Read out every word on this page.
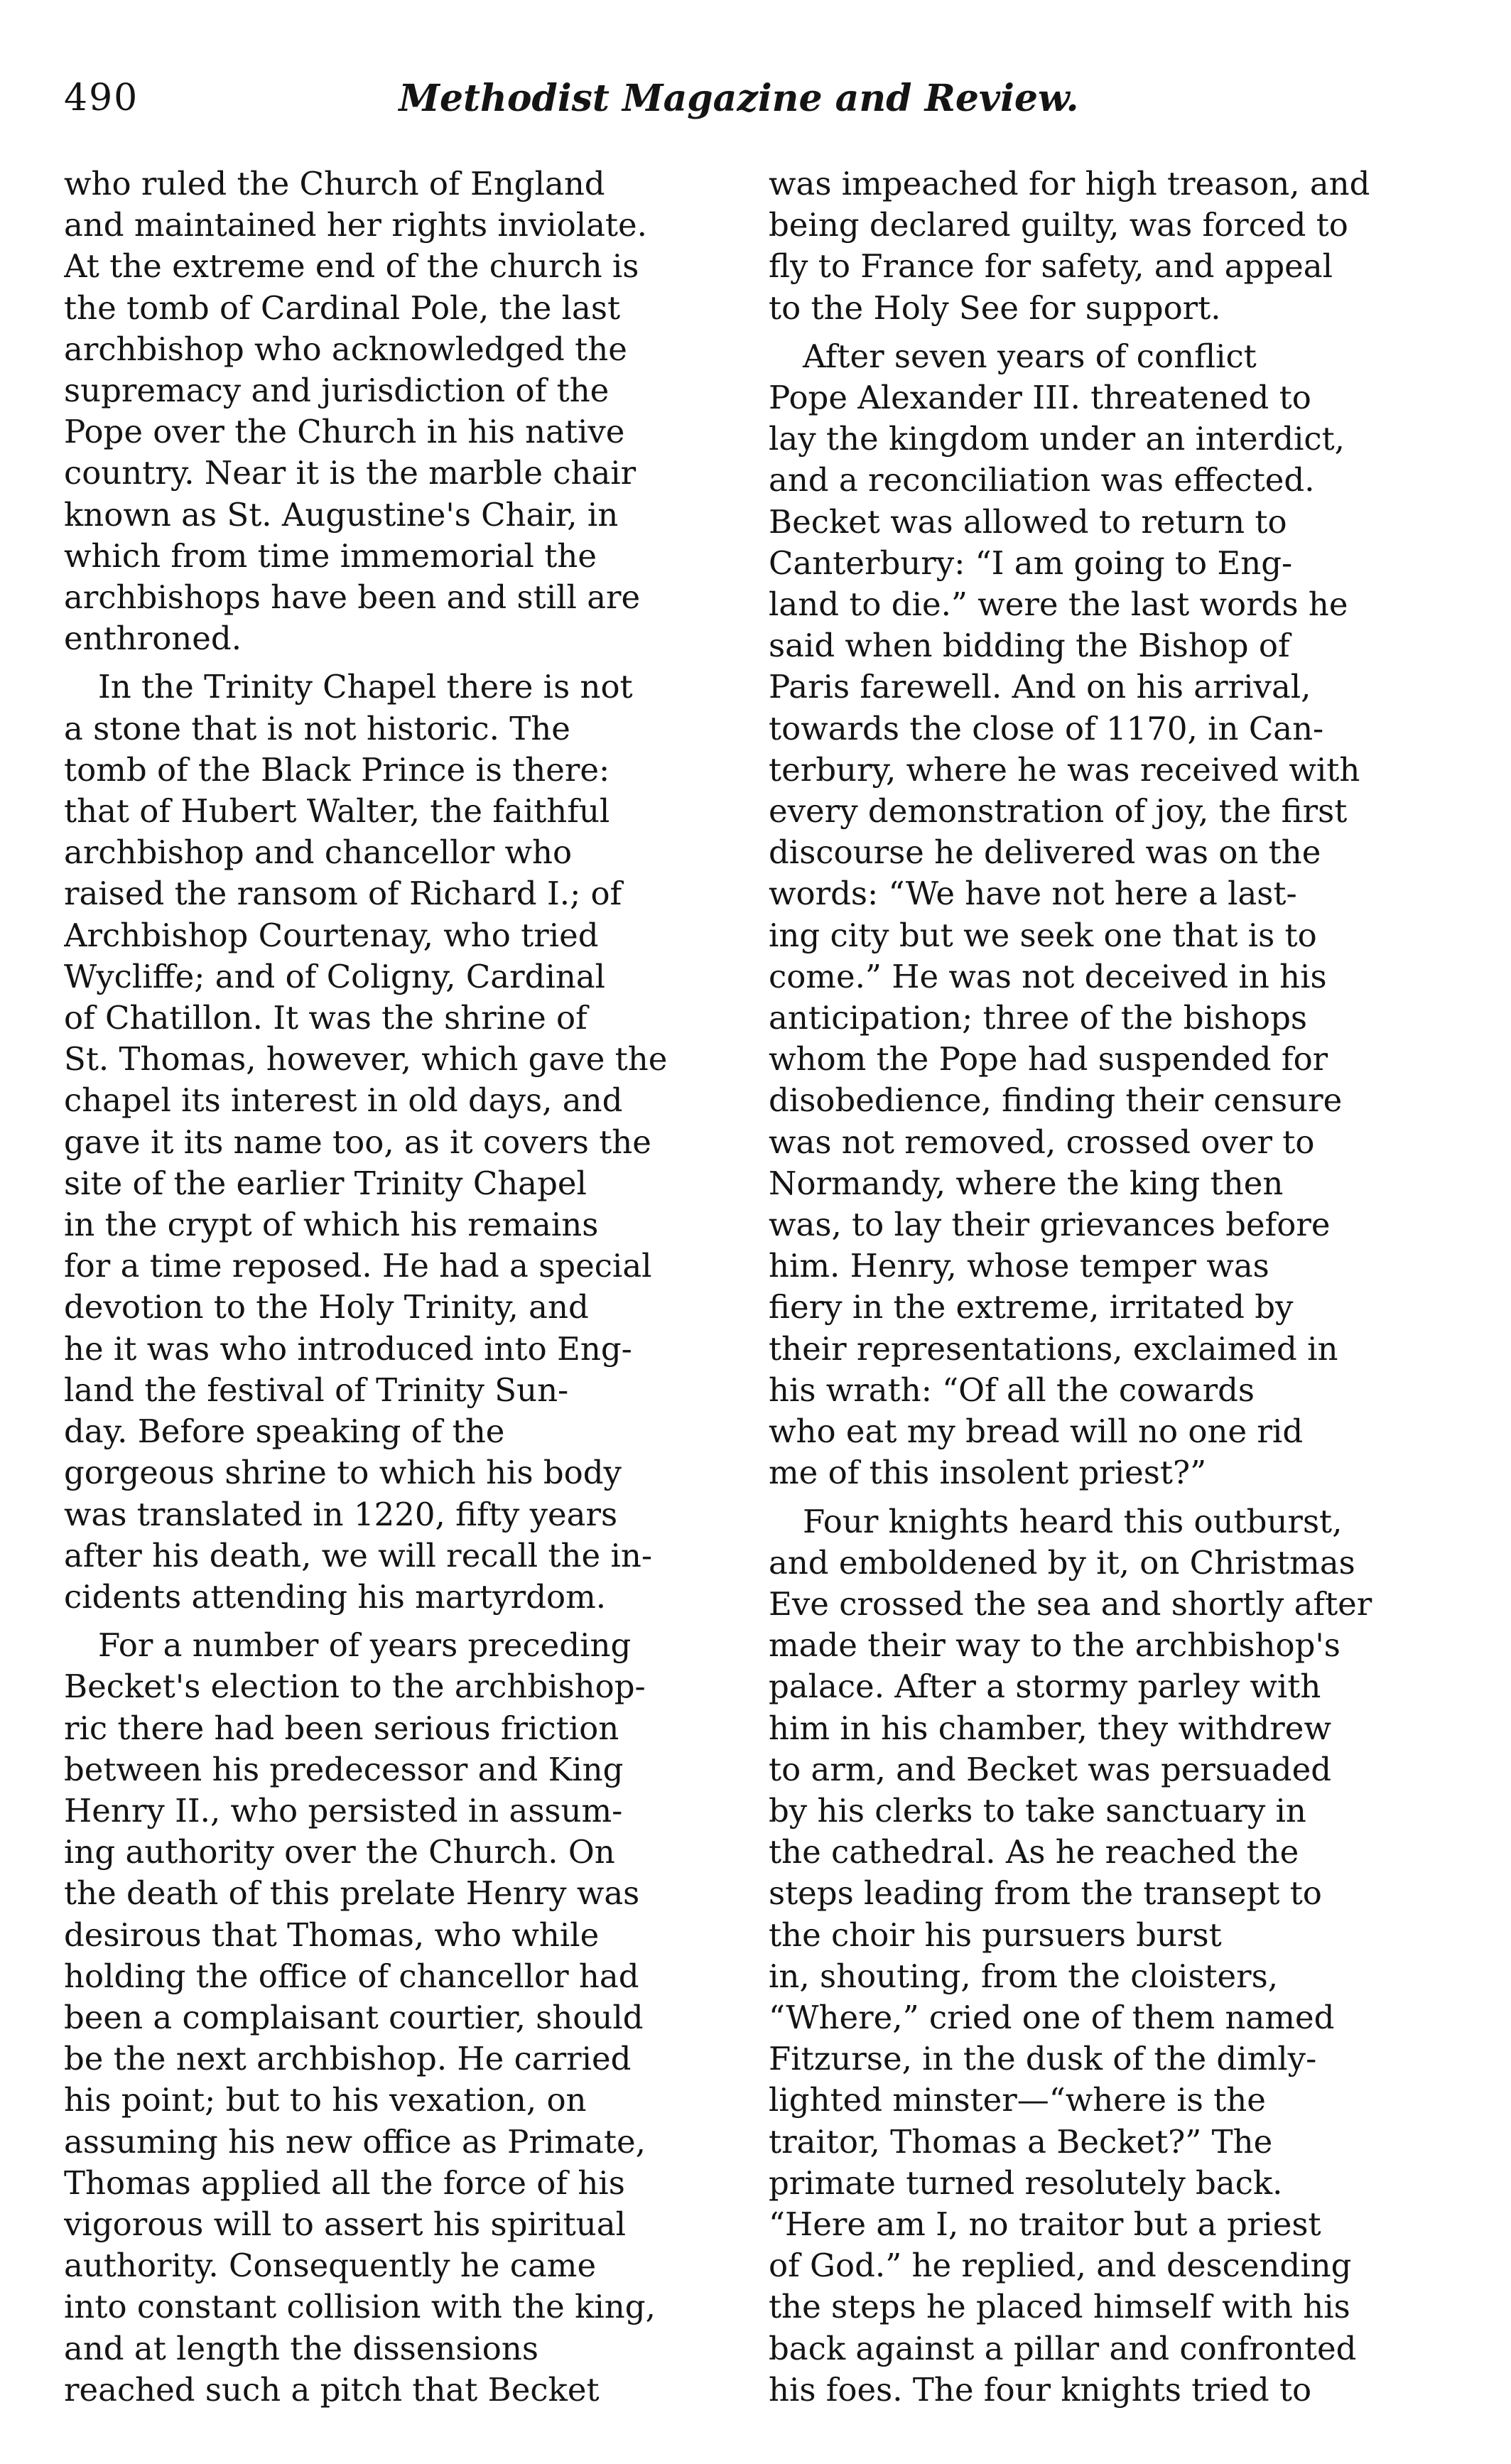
490	Methodist Magazine and Review.

who ruled the Church of England

and maintained her rights inviolate.

At the extreme end of the church is

the tomb of Cardinal Pole, the last

archbishop who acknowledged the

supremacy and jurisdiction of the

Pope over the Church in his native

country. Near it is the marble chair

known as St. Augustine's Chair, in

which from time immemorial the

archbishops have been and still are

enthroned.

In the Trinity Chapel there is not

a stone that is not historic. The

tomb of the Black Prince is there:

that of Hubert Walter, the faithful

archbishop and chancellor who

raised the ransom of Richard I.; of

Archbishop Courtenay, who tried

Wycliffe; and of Coligny, Cardinal

of Chatillon. It was the shrine of

St. Thomas, however, which gave the

chapel its interest in old days, and

gave it its name too, as it covers the

site of the earlier Trinity Chapel

in the crypt of which his remains

for a time reposed. He had a special

devotion to the Holy Trinity, and

he it was who introduced into Eng-

land the festival of Trinity Sun-

day. Before speaking of the

gorgeous shrine to which his body

was translated in 1220, fifty years

after his death, we will recall the in-

cidents attending his martyrdom.

For a number of years preceding

Becket's election to the archbishop-

ric there had been serious friction

between his predecessor and King

Henry II., who persisted in assum-

ing authority over the Church. On

the death of this prelate Henry was

desirous that Thomas, who while

holding the office of chancellor had

been a complaisant courtier, should

be the next archbishop. He carried

his point; but to his vexation, on

assuming his new office as Primate,

Thomas applied all the force of his

vigorous will to assert his spiritual

authority. Consequently he came

into constant collision with the king,

and at length the dissensions

reached such a pitch that Becket

was impeached for high treason, and

being declared guilty, was forced to

fly to France for safety, and appeal

to the Holy See for support.

After seven years of conflict

Pope Alexander III. threatened to

lay the kingdom under an interdict,

and a reconciliation was effected.

Becket was allowed to return to

Canterbury: “I am going to Eng-

land to die.” were the last words he

said when bidding the Bishop of

Paris farewell. And on his arrival,

towards the close of 1170, in Can-

terbury, where he was received with

every demonstration of joy, the first

discourse he delivered was on the

words: “We have not here a last-

ing city but we seek one that is to

come.” He was not deceived in his

anticipation; three of the bishops

whom the Pope had suspended for

disobedience, finding their censure

was not removed, crossed over to

Normandy, where the king then

was, to lay their grievances before

him. Henry, whose temper was

fiery in the extreme, irritated by

their representations, exclaimed in

his wrath: “Of all the cowards

who eat my bread will no one rid

me of this insolent priest?”

Four knights heard this outburst,

and emboldened by it, on Christmas

Eve crossed the sea and shortly after

made their way to the archbishop's

palace. After a stormy parley with

him in his chamber, they withdrew

to arm, and Becket was persuaded

by his clerks to take sanctuary in

the cathedral. As he reached the

steps leading from the transept to

the choir his pursuers burst

in, shouting, from the cloisters,

“Where,” cried one of them named

Fitzurse, in the dusk of the dimly-

lighted minster—“where is the

traitor, Thomas a Becket?” The

primate turned resolutely back.

“Here am I, no traitor but a priest

of God.” he replied, and descending

the steps he placed himself with his

back against a pillar and confronted

his foes. The four knights tried to
